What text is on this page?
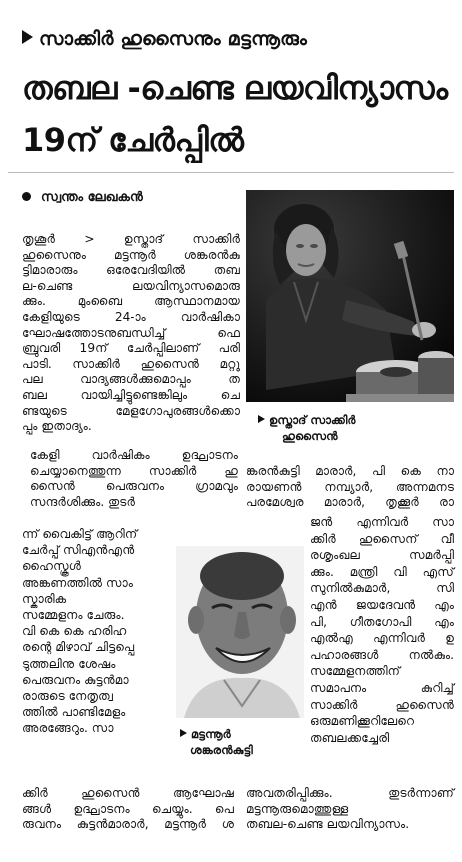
സാക്കിർ ഹുസൈനും മട്ടന്നൂരും
തബല -ചെണ്ട ലയവിന്യാസം
19ന് ചേർപ്പിൽ
സ്വന്തം ലേഖകൻ
ഉസ്താദ് സാക്കിർ
ഹുസൈൻ

തൃശൂർ > ഉസ്താദ് സാക്കിർ

ഹുസൈനും മട്ടന്നൂർ ശങ്കരൻകു

ട്ടിമാരാരും ഒരേവേദിയിൽ തബ

ല-ചെണ്ട ലയവിന്യാസമൊരു

ക്കും. മുംബൈ ആസ്ഥാനമായ

കേളിയുടെ 24-ാം വാർഷികാ

ഘോഷത്തോടനുബന്ധിച്ച് ഫെ

ബ്രുവരി 19ന് ചേർപ്പിലാണ് പരി

പാടി. സാക്കിർ ഹുസൈൻ മറ്റു

പല വാദ്യങ്ങൾക്കുമൊപ്പം ത

ബല വായിച്ചിട്ടുണ്ടെങ്കിലും ചെ

ണ്ടയുടെ മേളഗോപുരങ്ങൾക്കൊ

പ്പം ഇതാദ്യം.

കേളി വാർഷികം ഉദ്ഘാടനം

ചെയ്യാനെത്തുന്ന സാക്കിർ ഹു

സൈൻ പെരുവനം ഗ്രാമവും

സന്ദർശിക്കും. തുടർ

ന്ന് വൈകിട്ട് ആറിന്

ചേർപ്പ് സിഎൻഎൻ

ഹൈസ്കൂൾ

അങ്കണത്തിൽ സാം

സ്കാരിക

സമ്മേളനം ചേരും.

വി കെ കെ ഹരിഹ

രന്റെ മിഴാവ് ചിട്ടപ്പെ

ടുത്തലിനു ശേഷം

പെരുവനം കുട്ടൻമാ

രാരുടെ നേതൃത്വ

ത്തിൽ പാണ്ടിമേളം

അരങ്ങേറും. സാ

ക്കിർ ഹുസൈൻ ആഘോഷ

ങ്ങൾ ഉദ്ഘാടനം ചെയ്യും. പെ

രുവനം കുട്ടൻമാരാർ, മട്ടന്നൂർ ശ

മട്ടന്നൂർ
ശങ്കരൻകുട്ടി

ങ്കരൻകുട്ടി മാരാർ, പി കെ നാ

രായണൻ നമ്പ്യാർ, അന്നമനട

പരമേശ്വര മാരാർ, തൃക്കൂർ രാ

ജൻ എന്നിവർ സാ

ക്കിർ ഹുസൈന് വീ

രശൃംഖല സമർപ്പി

ക്കും. മന്ത്രി വി എസ്

സുനിൽകുമാർ, സി

എൻ ജയദേവൻ എം

പി, ഗീതഗോപി എം

എൽഎ എന്നിവർ ഉ

പഹാരങ്ങൾ നൽകും.

സമ്മേളനത്തിന്

സമാപനം കുറിച്ച്

സാക്കിർ ഹുസൈൻ

ഒരുമണിക്കൂറിലേറെ

തബലക്കച്ചേരി

അവതരിപ്പിക്കും. തുടർന്നാണ്

മട്ടന്നൂരുമൊത്തുള്ള

തബല-ചെണ്ട ലയവിന്യാസം.
